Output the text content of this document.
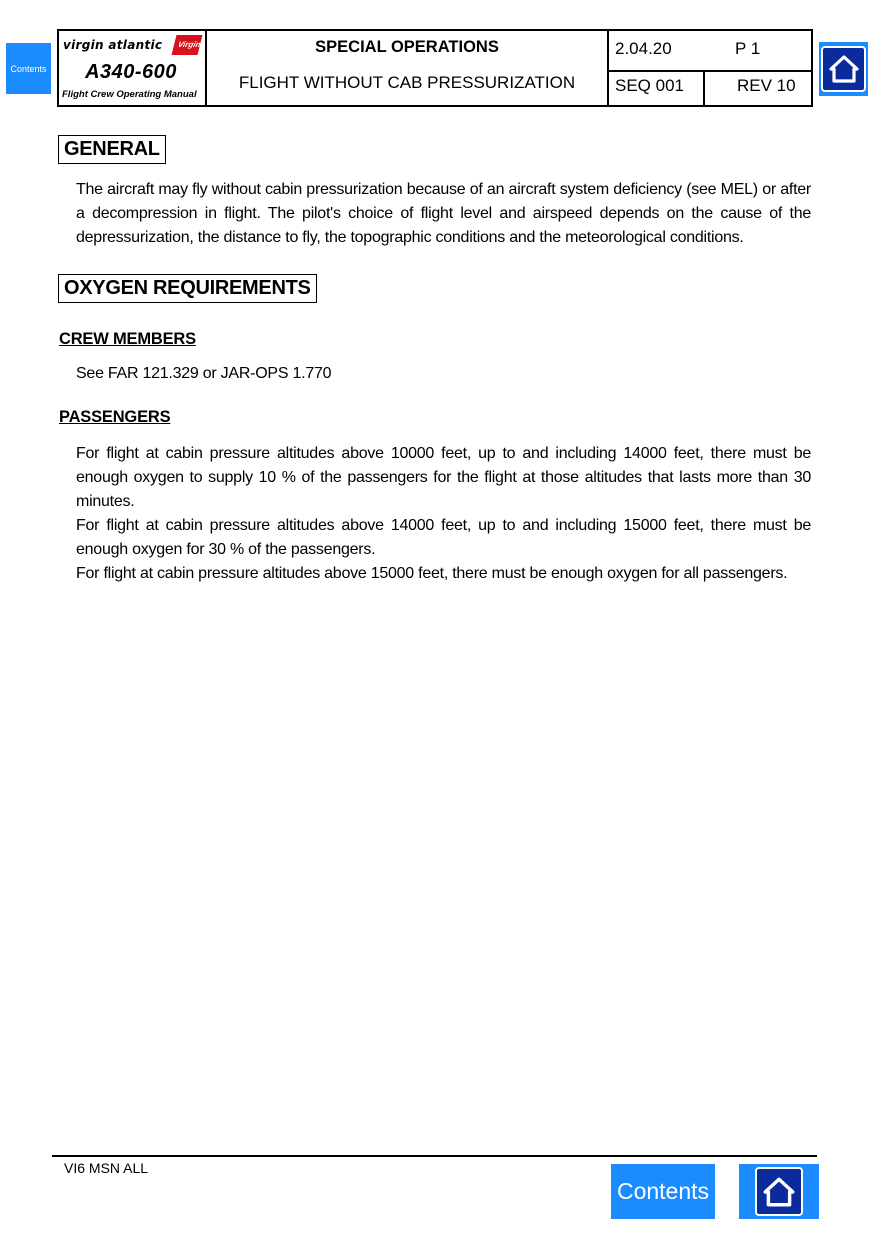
Contents
virgin atlantic Virgin
A340-600
Flight Crew Operating Manual
SPECIAL OPERATIONS
FLIGHT WITHOUT CAB PRESSURIZATION
2.04.20	P 1
SEQ 001	REV 10
GENERAL
The aircraft may fly without cabin pressurization because of an aircraft system deficiency (see MEL) or after a decompression in flight. The pilot's choice of flight level and airspeed depends on the cause of the depressurization, the distance to fly, the topographic conditions and the meteorological conditions.
OXYGEN REQUIREMENTS
CREW MEMBERS
See FAR 121.329 or JAR-OPS 1.770
PASSENGERS
For flight at cabin pressure altitudes above 10000 feet, up to and including 14000 feet, there must be enough oxygen to supply 10 % of the passengers for the flight at those altitudes that lasts more than 30 minutes.
For flight at cabin pressure altitudes above 14000 feet, up to and including 15000 feet, there must be enough oxygen for 30 % of the passengers.
For flight at cabin pressure altitudes above 15000 feet, there must be enough oxygen for all passengers.
VI6 MSN ALL
Contents
